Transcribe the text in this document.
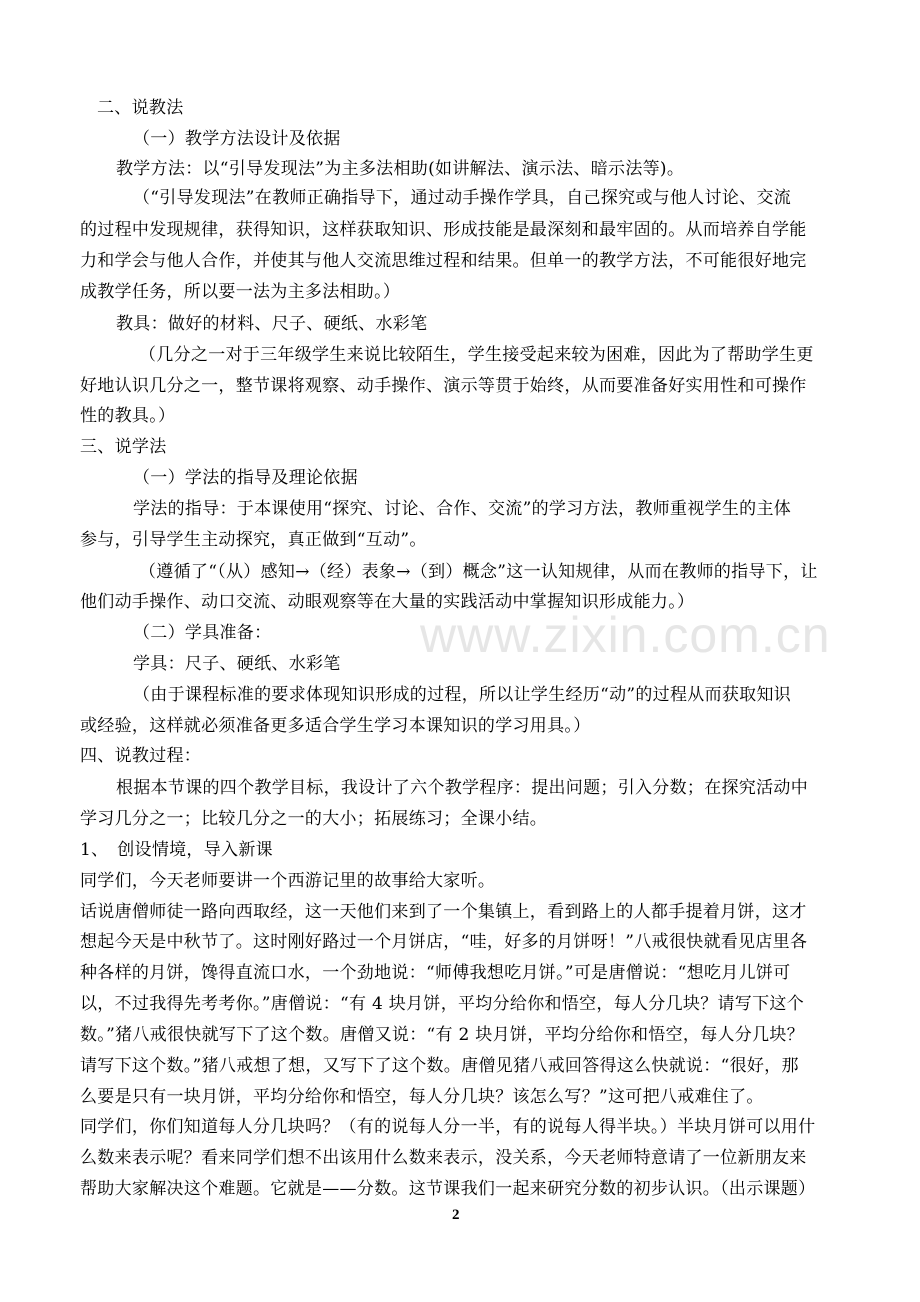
www.zixin.com.cn

二、说教法

（一）教学方法设计及依据

教学方法：以“引导发现法”为主多法相助(如讲解法、演示法、暗示法等)。

（“引导发现法”在教师正确指导下，通过动手操作学具，自己探究或与他人讨论、交流

的过程中发现规律，获得知识，这样获取知识、形成技能是最深刻和最牢固的。从而培养自学能

力和学会与他人合作，并使其与他人交流思维过程和结果。但单一的教学方法，不可能很好地完

成教学任务，所以要一法为主多法相助。）

教具：做好的材料、尺子、硬纸、水彩笔

（几分之一对于三年级学生来说比较陌生，学生接受起来较为困难，因此为了帮助学生更

好地认识几分之一，整节课将观察、动手操作、演示等贯于始终，从而要准备好实用性和可操作

性的教具。）

三、说学法

（一）学法的指导及理论依据

学法的指导：于本课使用“探究、讨论、合作、交流”的学习方法，教师重视学生的主体

参与，引导学生主动探究，真正做到“互动”。

（遵循了“（从）感知→（经）表象→（到）概念”这一认知规律，从而在教师的指导下，让

他们动手操作、动口交流、动眼观察等在大量的实践活动中掌握知识形成能力。）

（二）学具准备：

学具：尺子、硬纸、水彩笔

（由于课程标准的要求体现知识形成的过程，所以让学生经历“动”的过程从而获取知识

或经验，这样就必须准备更多适合学生学习本课知识的学习用具。）

四、说教过程：

根据本节课的四个教学目标，我设计了六个教学程序：提出问题；引入分数；在探究活动中

学习几分之一；比较几分之一的大小；拓展练习；全课小结。

1、　创设情境，导入新课

同学们，今天老师要讲一个西游记里的故事给大家听。

话说唐僧师徒一路向西取经，这一天他们来到了一个集镇上，看到路上的人都手提着月饼，这才

想起今天是中秋节了。这时刚好路过一个月饼店，“哇，好多的月饼呀！”八戒很快就看见店里各

种各样的月饼，馋得直流口水，一个劲地说：“师傅我想吃月饼。”可是唐僧说：“想吃月儿饼可

以，不过我得先考考你。”唐僧说：“有 4 块月饼，平均分给你和悟空，每人分几块？请写下这个

数。”猪八戒很快就写下了这个数。唐僧又说：“有 2 块月饼，平均分给你和悟空，每人分几块？

请写下这个数。”猪八戒想了想，又写下了这个数。唐僧见猪八戒回答得这么快就说：“很好，那

么要是只有一块月饼，平均分给你和悟空，每人分几块？该怎么写？”这可把八戒难住了。

同学们，你们知道每人分几块吗？（有的说每人分一半，有的说每人得半块。）半块月饼可以用什

么数来表示呢？看来同学们想不出该用什么数来表示，没关系，今天老师特意请了一位新朋友来

帮助大家解决这个难题。它就是——分数。这节课我们一起来研究分数的初步认识。（出示课题）

2
